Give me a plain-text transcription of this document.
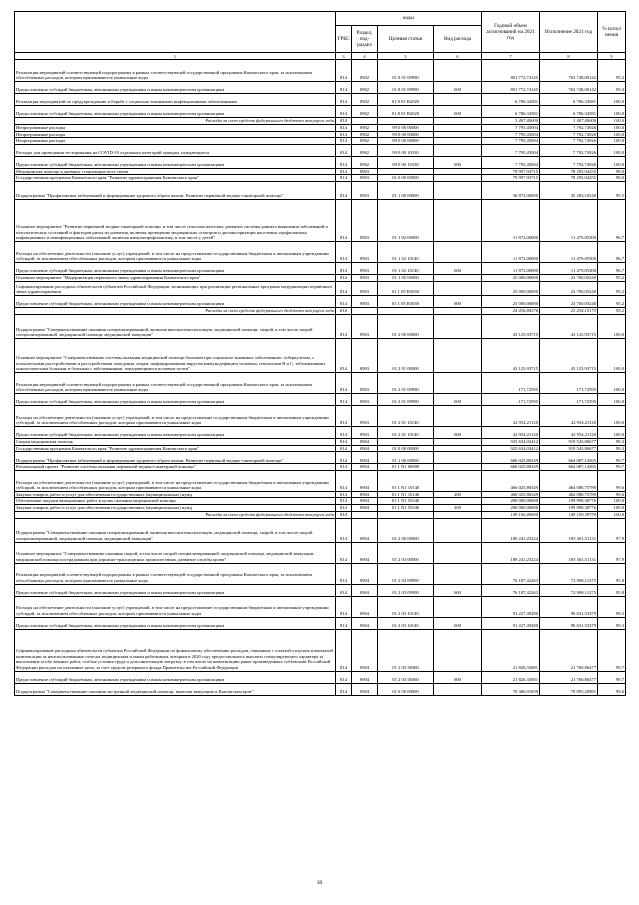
	коды				Годовой объем ассигнований на 2021 год	Исполнение 2021 год	% испол нения
	ГРБС	Раздел, под-раздел	Целевая статья	Вид расхода			
1	3	4	5	6	7	8	9
Реализация мероприятий соответствующей подпрограммы в рамках соответствующей государственной программы Камчатского края, за исключением обособленных расходов, которым присваиваются уникальные коды	814	0902	01 8 01 09990		801 772,74145	763 748,00142	95,3
Предоставление субсидий бюджетным, автономным учреждениям и иным некоммерческим организациям	814	0902	01 8 01 09990	600	801 772,74145	763 748,00142	95,3
Реализация мероприятий по предупреждению и борьбе с социально значимыми инфекционными заболеваниями	814	0902	01 8 01 R2020		6 786,34581	6 786,34581	100,0
Предоставление субсидий бюджетным, автономным учреждениям и иным некоммерческим организациям	814	0902	01 8 01 R2020	600	6 786,34581	6 786,34581	100,0
Расходы за счет средств федерального бюджета текущего года	814				3 407,40000	3 407,40000	100,0
Непрограммные расходы	814	0902	99 0 00 00000		7 795,45004	7 792,74926	100,0
Непрограммные расходы	814	0902	99 0 00 00000		7 795,45004	7 792,74926	100,0
Непрограммные расходы	814	0902	99 0 00 00000		7 795,45004	7 792,74926	100,0
Расходы для проведения тестирования на COVID-19 отдельных категорий граждан, нуждающихся	814	0902	99 0 00 10330		7 795,45004	7 792,74926	100,0
Предоставление субсидий бюджетным, автономным учреждениям и иным некоммерческим организациям	814	0902	99 0 00 10330	600	7 795,45004	7 792,74926	100,0
Медицинская помощь в дневных стационарах всех типов	814	0903			79 997,93715	78 295,04255	98,0
Государственная программа Камчатского края "Развитие здравоохранения Камчатского края"	814	0903	01 0 00 00000		79 997,93715	78 295,04255	98,0
Подпрограмма "Профилактика заболеваний и формирование здорового образа жизни. Развитие первичной медико-санитарной помощи"	814	0903	01 1 00 00000		36 872,00000	35 203,10540	95,5
Основное мероприятие "Развитие первичной медико-санитарной помощи, в том числе сельским жителям, развитие системы раннего выявления заболеваний и патологических состояний и факторов риска их развития, включая проведение медицинских осмотров и диспансеризации населения, профилактика инфекционных и неинфекционных заболеваний, включая иммунопрофилактику, в том числе у детей"	814	0903	01 1 02 00000		11 872,00000	11 479,05300	96,7
Расходы на обеспечение деятельности (оказание услуг) учреждений, в том числе на предоставление государственным бюджетным и автономным учреждениям субсидий, за исключением обособленных расходов, которым присваиваются уникальные коды	814	0903	01 1 02 10140		11 872,00000	11 479,05300	96,7
Предоставление субсидий бюджетным, автономным учреждениям и иным некоммерческим организациям	814	0903	01 1 02 10140	600	11 872,00000	11 479,05300	96,7
Основное мероприятие "Модернизация первичного звена здравоохранения Камчатского края"	814	0903	01 1 05 00000		25 000,00000	23 700,05240	95,2
Софинансирование расходных обязательств субъектов Российской Федерации, возникающих при реализации региональных программ модернизации первичного звена здравоохранения	814	0903	01 1 05 R3650		25 000,00000	23 700,05240	95,2
Предоставление субсидий бюджетным, автономным учреждениям и иным некоммерческим организациям	814	0903	01 1 05 R3650	600	25 000,00000	23 700,05240	95,2
Расходы за счет средств федерального бюджета текущего года	814				24 436,84376	23 254,15175	95,2
Подпрограмма "Совершенствование оказания специализированной, включая высокотехнологичную, медицинской помощи, скорой, в том числе скорой специализированной, медицинской помощи, медицинской эвакуации"	814	0903	01 2 00 00000		43 125,93715	43 125,93715	100,0
Основное мероприятие "Совершенствование системы оказания медицинской помощи больным при социально-значимых заболеваниях: туберкулезом, с психическими расстройствами и расстройствами поведения, лицам, инфицированным вирусом иммунодефицита человека, гепатитами B и C, заболеваниями, онкологическим больным и больным с заболеваниями, передающимися половым путем"	814	0903	01 2 01 00000		43 125,93715	43 125,93715	100,0
Реализация мероприятий соответствующей подпрограммы в рамках соответствующей государственной программы Камчатского края, за исключением обособленных расходов, которым присваиваются уникальные коды	814	0903	01 2 01 09990		171,72595	171,72595	100,0
Предоставление субсидий бюджетным, автономным учреждениям и иным некоммерческим организациям	814	0903	01 2 01 09990	600	171,72595	171,72595	100,0
Расходы на обеспечение деятельности (оказание услуг) учреждений, в том числе на предоставление государственным бюджетным и автономным учреждениям субсидий, за исключением обособленных расходов, которым присваиваются уникальные коды	814	0903	01 2 01 10140		42 954,21120	42 954,21120	100,0
Предоставление субсидий бюджетным, автономным учреждениям и иным некоммерческим организациям	814	0903	01 2 01 10140	600	42 954,21120	42 954,21120	100,0
Скорая медицинская помощь	814	0904			925 634,03412	919 543,86677	99,3
Государственная программа Камчатского края "Развитие здравоохранения Камчатского края"	814	0904	01 0 00 00000		925 634,03412	919 543,86677	99,3
Подпрограмма "Профилактика заболеваний и формирование здорового образа жизни. Развитие первичной медико-санитарной помощи"	814	0904	01 1 00 00000		666 025,86349	664 087,14565	99,7
Региональный проект "Развитие системы оказания первичной медико-санитарной помощи"	814	0904	01 1 N1 00000		666 025,86349	664 087,14565	99,7
Расходы на обеспечение деятельности (оказание услуг) учреждений, в том числе на предоставление государственным бюджетным и автономным учреждениям субсидий, за исключением обособленных расходов, которым присваиваются уникальные коды	814	0904	01 1 N1 10140		466 025,86349	464 088,75789	99,6
Закупка товаров, работ и услуг для обеспечения государственных (муниципальных) нужд	814	0904	01 1 N1 10140	200	466 025,86349	464 088,75789	99,6
Обеспечение закупки авиационных работ в целях оказания медицинской помощи	814	0904	01 1 N1 55540		200 000,00000	199 998,38776	100,0
Закупка товаров, работ и услуг для обеспечения государственных (муниципальных) нужд	814	0904	01 1 N1 55540	200	200 000,00000	199 998,38776	100,0
Расходы за счет средств федерального бюджета текущего года	814				149 100,40000	149 159,39759	100,0
Подпрограмма "Совершенствование оказания специализированной, включая высокотехнологичную, медицинской помощи, скорой, в том числе скорой специализированной, медицинской помощи, медицинской эвакуации"	814	0904	01 2 00 00000		189 241,25224	185 361,51131	97,9
Основное мероприятие "Совершенствование оказания скорой, в том числе скорой специализированной, медицинской помощи, медицинской эвакуации, медицинской помощи пострадавшим при дорожно-транспортных происшествиях, развитие службы крови"	814	0904	01 2 03 00000		189 241,25224	185 361,51131	97,9
Реализация мероприятий соответствующей подпрограммы в рамках соответствующей государственной программы Камчатского края, за исключением обособленных расходов, которым присваиваются уникальные коды	814	0904	01 2 03 09990		76 187,42263	72 908,11275	95,8
Предоставление субсидий бюджетным, автономным учреждениям и иным некоммерческим организациям	814	0904	01 2 03 09990	600	76 187,42263	72 908,11275	95,8
Расходы на обеспечение деятельности (оказание услуг) учреждений, в том числе на предоставление государственным бюджетным и автономным учреждениям субсидий, за исключением обособленных расходов, которым присваиваются уникальные коды	814	0904	01 2 03 10140		91 227,49280	90 631,53379	99,3
Предоставление субсидий бюджетным, автономным учреждениям и иным некоммерческим организациям	814	0904	01 2 03 10140	600	91 227,49280	90 631,53379	99,3
Софинансирование расходных обязательств субъектов Российской Федерации по финансовому обеспечению расходов, связанных с оплатой отпусков и выплатой компенсации за неиспользованные отпуска медицинским и иным работникам, которым в 2020 году предоставлялись выплаты стимулирующего характера за выполнение особо важных работ, особые условия труда и дополнительную нагрузку, в том числе на компенсацию ранее произведенных субъектами Российской Федерации расходов на указанные цели, за счет средств резервного фонда Правительства Российской Федерации	814	0904	01 2 03 58360		21 826,33681	21 760,86477	99,7
Предоставление субсидий бюджетным, автономным учреждениям и иным некоммерческим организациям	814	0904	01 2 03 58360	600	21 826,33681	21 760,86477	99,7
Подпрограмма "Совершенствование оказания экстренной медицинской помощи, включая эвакуацию в Камчатском крае"	814	0904	01 6 00 00000		70 366,91839	70 095,20981	99,6
30
